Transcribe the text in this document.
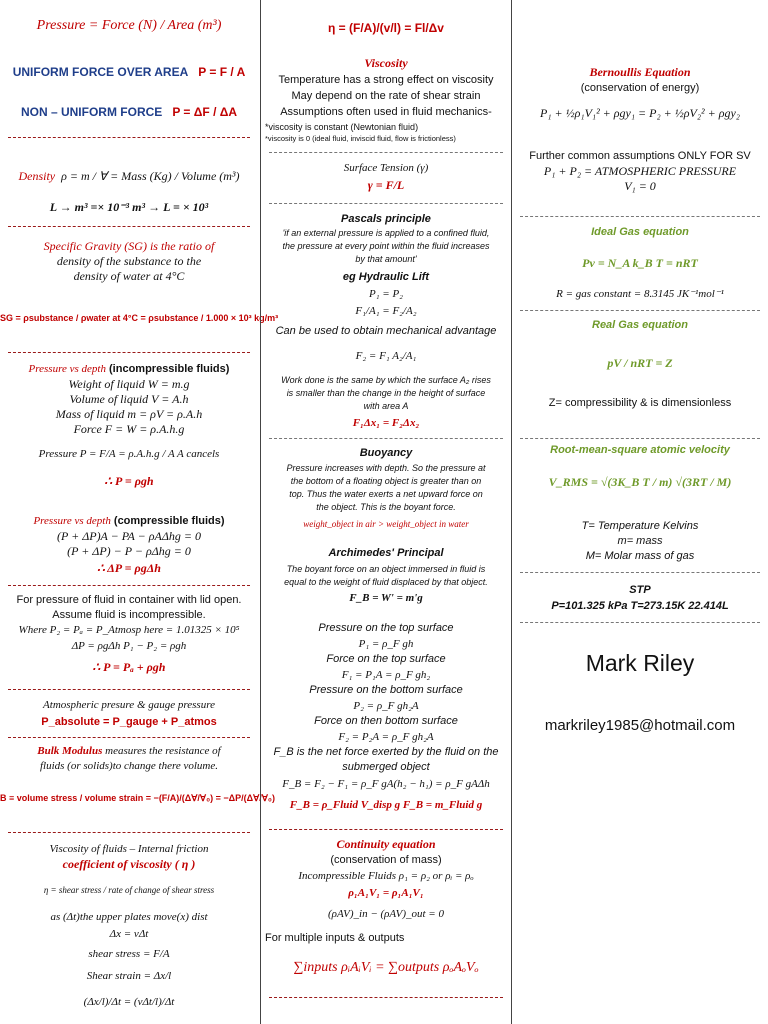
Pressure = Force (N) / Area (m³)
UNIFORM FORCE OVER AREA P = F / A
NON – UNIFORM FORCE P = ΔF / ΔA
Density ρ = m / ∀ = Mass (Kg) / Volume (m³)
L → m³ =× 10⁻³ m³ → L = × 10³
Specific Gravity (SG) is the ratio of
density of the substance to the
density of water at 4°C
SG = ρsubstance / ρwater at 4°C = ρsubstance / 1.000 × 10³ kg/m³
Pressure vs depth (incompressible fluids)
Weight of liquid W = m.g
Volume of liquid V = A.h
Mass of liquid m = ρV = ρ.A.h
Force F = W = ρ.A.h.g
Pressure P = F/A = ρ.A.h.g / A A cancels
∴ P = ρgh
Pressure vs depth (compressible fluids)
(P + ΔP)A − PA − ρAΔhg = 0
(P + ΔP) − P − ρΔhg = 0
∴ ΔP = ρgΔh
For pressure of fluid in container with lid open.
Assume fluid is incompressible.
Where P₂ = Pₐ = P_Atmosp here = 1.01325 × 10⁵
ΔP = ρgΔh P₁ − P₂ = ρgh
∴ P = Pₐ + ρgh
Atmospheric presure & gauge pressure
P_absolute = P_gauge + P_atmos
Bulk Modulus measures the resistance of
fluids (or solids)to change there volume.
B ≡ volume stress / volume strain = −(F/A)/(Δ∀/∀₀) = −ΔP/(Δ∀/∀₀)
Viscosity of fluids – Internal friction
coefficient of viscosity ( η )
η = shear stress / rate of change of shear stress
as (Δt)the upper plates move(x) dist
Δx = vΔt
shear stress = F/A
Shear strain = Δx/l
(Δx/l)/Δt = (vΔt/l)/Δt
η = (F/A)/(v/l) = Fl/Δv
Viscosity
Temperature has a strong effect on viscosity
May depend on the rate of shear strain
Assumptions often used in fluid mechanics-
*viscosity is constant (Newtonian fluid)
*viscosity is 0 (ideal fluid, inviscid fluid, flow is frictionless)
Surface Tension (γ)
γ = F/L
Pascals principle
'if an external pressure is applied to a confined fluid,
the pressure at every point within the fluid increases
by that amount'
eg Hydraulic Lift
P₁ = P₂
F₁/A₁ = F₂/A₂
Can be used to obtain mechanical advantage
F₂ = F₁ A₂/A₁
Work done is the same by which the surface A₂ rises
is smaller than the change in the height of surface
with area A
F₁Δx₁ = F₂Δx₂
Buoyancy
Pressure increases with depth. So the pressure at
the bottom of a floating object is greater than on
top. Thus the water exerts a net upward force on
the object. This is the boyant force.
weight_object in air > weight_object in water
Archimedes' Principal
The boyant force on an object immersed in fluid is
equal to the weight of fluid displaced by that object.
F_B = W' = m'g
Pressure on the top surface
P₁ = ρ_F gh
Force on the top surface
F₁ = P₁A = ρ_F gh₂
Pressure on the bottom surface
P₂ = ρ_F gh₂A
Force on then bottom surface
F₂ = P₂A = ρ_F gh₂A
F_B is the net force exerted by the fluid on the
submerged object
F_B = F₂ − F₁ = ρ_F gA(h₂ − h₁) = ρ_F gAΔh
F_B = ρ_Fluid V_disp g F_B = m_Fluid g
Continuity equation
(conservation of mass)
Incompressible Fluids ρ₁ = ρ₂ or ρᵢ = ρₒ
ρ₁A₁V₁ = ρ₁A₁V₁
(ρAV)_in − (ρAV)_out = 0
For multiple inputs & outputs
∑inputs ρᵢAᵢVᵢ = ∑outputs ρₒAₒVₒ
Bernoullis Equation
(conservation of energy)
P₁ + ½ρ₁V₁² + ρgy₁ = P₂ + ½ρV₂² + ρgy₂
Further common assumptions ONLY FOR SV
P₁ + P₂ = ATMOSPHERIC PRESSURE
V₁ = 0
Ideal Gas equation
Pv = N_A k_B T = nRT
R = gas constant = 8.3145 JK⁻¹mol⁻¹
Real Gas equation
pV / nRT = Z
Z= compressibility & is dimensionless
Root-mean-square atomic velocity
V_RMS = √(3K_B T / m) √(3RT / M)
T= Temperature Kelvins
m= mass
M= Molar mass of gas
STP
P=101.325 kPa T=273.15K 22.414L
Mark Riley
markriley1985@hotmail.com
